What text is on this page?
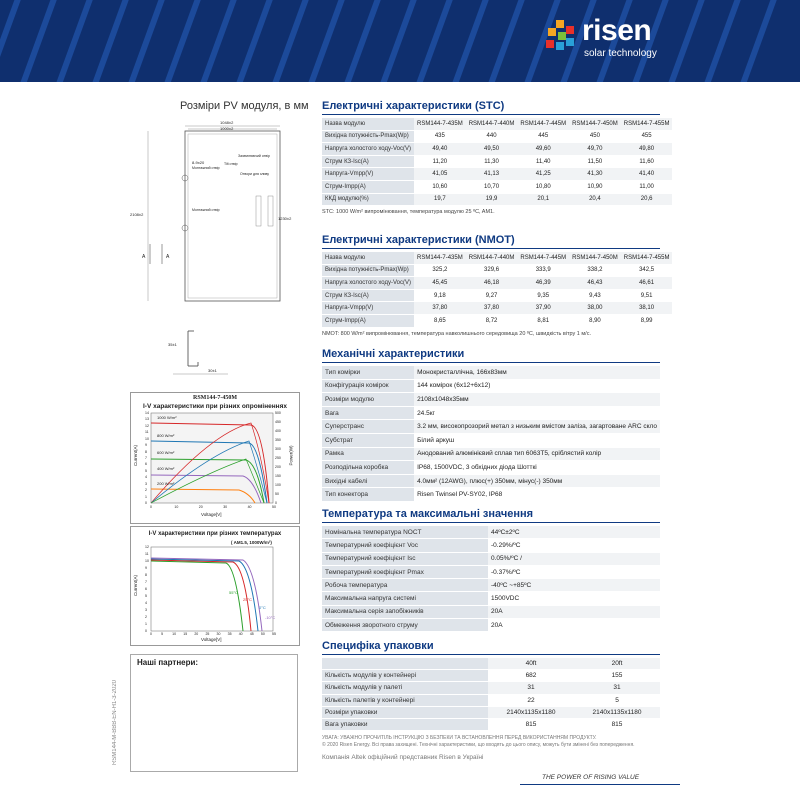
risen
solar technology
Розміри PV модуля, в мм
1048±2
1000±2
8-9x20
Монтажний отвір
Tilt отвір
Заземлюючий отвір
Отвори для зливу
Монтажний отвір
2108±2
1230±2
A	A
35±1
30±1
RSM144-7-450M
I-V характеристики при різних опроміненнях
1000 W/m²
800 W/m²
600 W/m²
400 W/m²
200 W/m²
Current(A)	Power(W)
Voltage[V]
0
1
2
3
4
5
6
7
8
9
10
11
12
13
14
0
50
100
150
200
250
300
350
400
450
500
0	10	20	30	40	50
I-V характеристики при різних температурах
( AM1.5, 1000W/m²)
55°C
25°C
0°C
-10°C
Current(A)
Voltage[V]
0
1
2
3
4
5
6
7
8
9
10
11
12
0	5	10 15 20 25 30 35 40 45 50 55
Наші партнери:
RSM144-M-BBB-EN-H1-3-2020
Електричні характеристики (STC)
Назва модулю	RSM144-7-435M	RSM144-7-440M	RSM144-7-445M	RSM144-7-450M	RSM144-7-455M
Вихідна потужність-Pmax(Wp)	435	440	445	450	455
Напруга холостого ходу-Voc(V)	49,40	49,50	49,60	49,70	49,80
Струм КЗ-Isc(A)	11,20	11,30	11,40	11,50	11,60
Напруга-Vmpp(V)	41,05	41,13	41,25	41,30	41,40
Струм-Impp(A)	10,60	10,70	10,80	10,90	11,00
ККД модулю(%)	19,7	19,9	20,1	20,4	20,6
STC: 1000 W/m² випромінювання, температура модулю 25 ºC, AM1.
Електричні характеристики (NMOT)
Назва модулю	RSM144-7-435M	RSM144-7-440M	RSM144-7-445M	RSM144-7-450M	RSM144-7-455M
Вихідна потужність-Pmax(Wp)	325,2	329,6	333,9	338,2	342,5
Напруга холостого ходу-Voc(V)	45,45	46,18	46,39	46,43	46,61
Струм КЗ-Isc(A)	9,18	9,27	9,35	9,43	9,51
Напруга-Vmpp(V)	37,80	37,80	37,90	38,00	38,10
Струм-Impp(A)	8,65	8,72	8,81	8,90	8,99
NMOT: 800 W/m² випромінювання, температура навколишнього середовища 20 ºC, швидкість вітру 1 м/с.
Механічні характеристики
Тип комірки	Монокристаллічна, 166x83мм
Конфігурація комірок	144 комірок (6x12+6x12)
Розміри модулю	2108x1048x35мм
Вага	24.5кг
Суперстранс	3.2 мм, високопрозорий метал з низьким вмістом заліза, загартоване ARC скло
Субстрат	Білий аркуш
Рамка	Анодований алюмінієвий сплав тип 6063T5, сріблястий колір
Розподільна коробка	IP68, 1500VDC, 3 обхідних діода Шотткі
Вихідні кабелі	4.0мм² (12AWG), плюс(+) 350мм, мінус(-) 350мм
Тип конектора	Risen Twinsel PV-SY02, IP68
Температура та максимальні значення
Номінальна температура NOCT	44ºC±2ºC
Температурний коефіцієнт Voc	-0.29%/ºC
Температурний коефіцієнт Isc	0.05%/ºC /
Температурний коефіцієнт Pmax	-0.37%/ºC
Робоча температура	-40ºC ~+85ºC
Максимальна напруга системі	1500VDC
Максимальна серія запобіжників	20A
Обмеження зворотного струму	20A
Специфіка упаковки
	40ft	20ft
Кількість модулів у контейнері	682	155
Кількість модулів у палеті	31	31
Кількість палетів у контейнері	22	5
Розміри упаковки	2140x1135x1180	2140x1135x1180
Вага упаковки	815	815
УВАГА: УВАЖНО ПРОЧИТІЛЬ ІНСТРУКЦІЮ З БЕЗПЕКИ ТА ВСТАНОВЛЕННЯ ПЕРЕД ВИКОРИСТАННЯМ ПРОДУКТУ.
© 2020 Risen Energy. Всі права захищені. Технічні характеристики, що входять до цього опису, можуть бути змінені без попередження.
Компанія Altek офіційний представник Risen в Україні
THE POWER OF RISING VALUE
